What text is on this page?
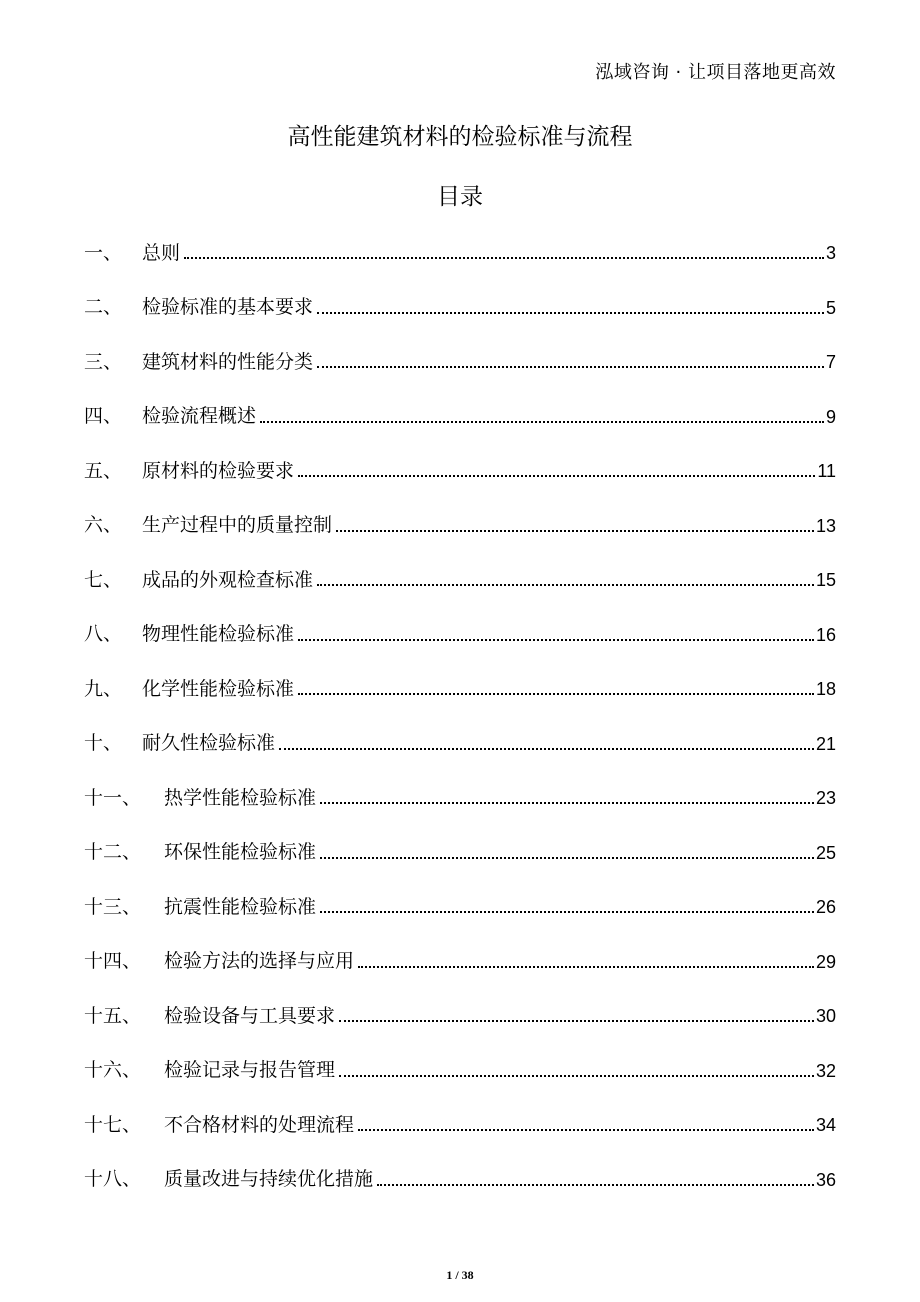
泓域咨询 · 让项目落地更高效
高性能建筑材料的检验标准与流程
目录
一、	总则	3
二、	检验标准的基本要求	5
三、	建筑材料的性能分类	7
四、	检验流程概述	9
五、	原材料的检验要求	11
六、	生产过程中的质量控制	13
七、	成品的外观检查标准	15
八、	物理性能检验标准	16
九、	化学性能检验标准	18
十、	耐久性检验标准	21
十一、	热学性能检验标准	23
十二、	环保性能检验标准	25
十三、	抗震性能检验标准	26
十四、	检验方法的选择与应用	29
十五、	检验设备与工具要求	30
十六、	检验记录与报告管理	32
十七、	不合格材料的处理流程	34
十八、	质量改进与持续优化措施	36
1 / 38
